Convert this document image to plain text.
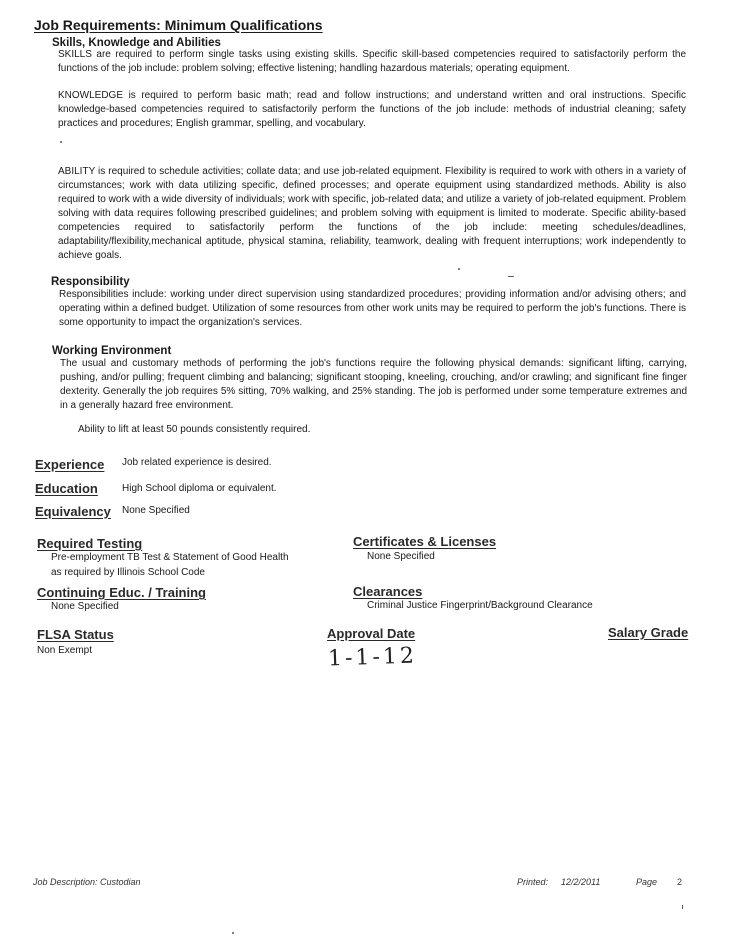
Job Requirements: Minimum Qualifications
Skills, Knowledge and Abilities
SKILLS are required to perform single tasks using existing skills. Specific skill-based competencies required to satisfactorily perform the functions of the job include: problem solving; effective listening; handling hazardous materials; operating equipment.
KNOWLEDGE is required to perform basic math; read and follow instructions; and understand written and oral instructions. Specific knowledge-based competencies required to satisfactorily perform the functions of the job include: methods of industrial cleaning; safety practices and procedures; English grammar, spelling, and vocabulary.
ABILITY is required to schedule activities; collate data; and use job-related equipment. Flexibility is required to work with others in a variety of circumstances; work with data utilizing specific, defined processes; and operate equipment using standardized methods. Ability is also required to work with a wide diversity of individuals; work with specific, job-related data; and utilize a variety of job-related equipment. Problem solving with data requires following prescribed guidelines; and problem solving with equipment is limited to moderate. Specific ability-based competencies required to satisfactorily perform the functions of the job include: meeting schedules/deadlines, adaptability/flexibility,mechanical aptitude, physical stamina, reliability, teamwork, dealing with frequent interruptions; work independently to achieve goals.
Responsibility
Responsibilities include: working under direct supervision using standardized procedures; providing information and/or advising others; and operating within a defined budget. Utilization of some resources from other work units may be required to perform the job's functions. There is some opportunity to impact the organization's services.
Working Environment
The usual and customary methods of performing the job's functions require the following physical demands: significant lifting, carrying, pushing, and/or pulling; frequent climbing and balancing; significant stooping, kneeling, crouching, and/or crawling; and significant fine finger dexterity. Generally the job requires 5% sitting, 70% walking, and 25% standing. The job is performed under some temperature extremes and in a generally hazard free environment.
Ability to lift at least 50 pounds consistently required.
Experience Job related experience is desired.
Education High School diploma or equivalent.
Equivalency None Specified
Required Testing
Pre-employment TB Test & Statement of Good Health
as required by Illinois School Code
Certificates & Licenses
None Specified
Continuing Educ. / Training
None Specified
Clearances
Criminal Justice Fingerprint/Background Clearance
FLSA Status
Non Exempt
Approval Date
1-1-12
Salary Grade
Job Description: Custodian	Printed: 12/2/2011	Page 2
